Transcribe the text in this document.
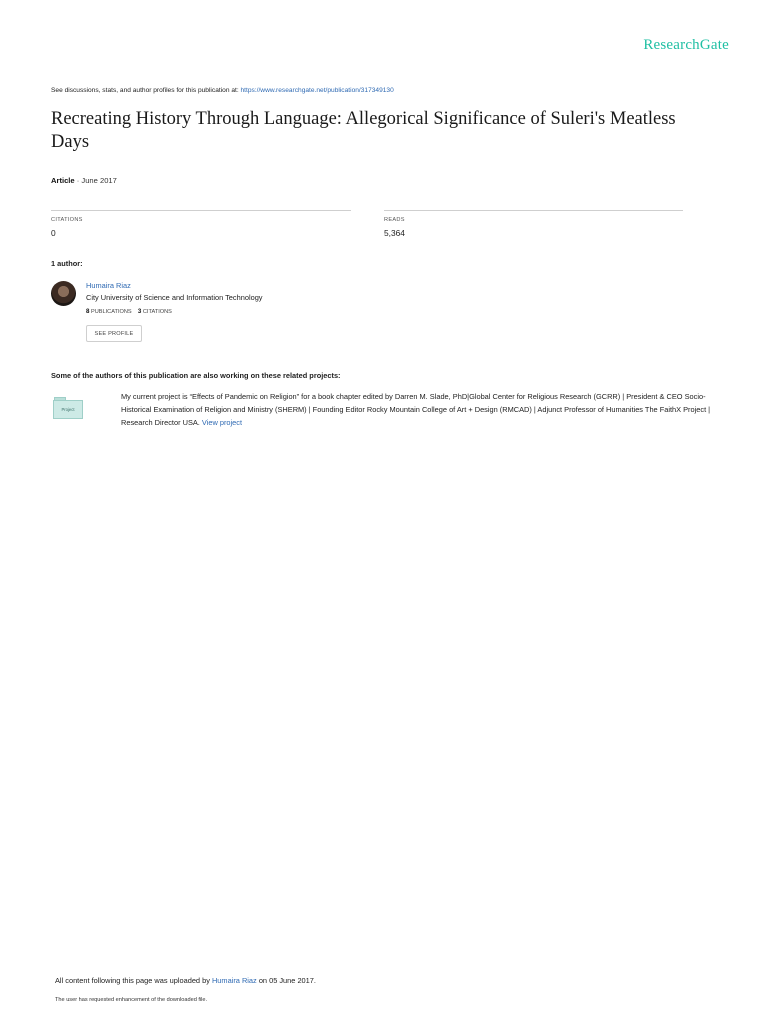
ResearchGate
See discussions, stats, and author profiles for this publication at: https://www.researchgate.net/publication/317349130
Recreating History Through Language: Allegorical Significance of Suleri's Meatless Days
Article · June 2017
CITATIONS
0
READS
5,364
1 author:
Humaira Riaz
City University of Science and Information Technology
8 PUBLICATIONS 3 CITATIONS
SEE PROFILE
Some of the authors of this publication are also working on these related projects:
Project
My current project is “Effects of Pandemic on Religion” for a book chapter edited by Darren M. Slade, PhD|Global Center for Religious Research (GCRR) | President & CEO Socio-Historical Examination of Religion and Ministry (SHERM) | Founding Editor Rocky Mountain College of Art + Design (RMCAD) | Adjunct Professor of Humanities The FaithX Project | Research Director USA. View project
All content following this page was uploaded by Humaira Riaz on 05 June 2017.
The user has requested enhancement of the downloaded file.
